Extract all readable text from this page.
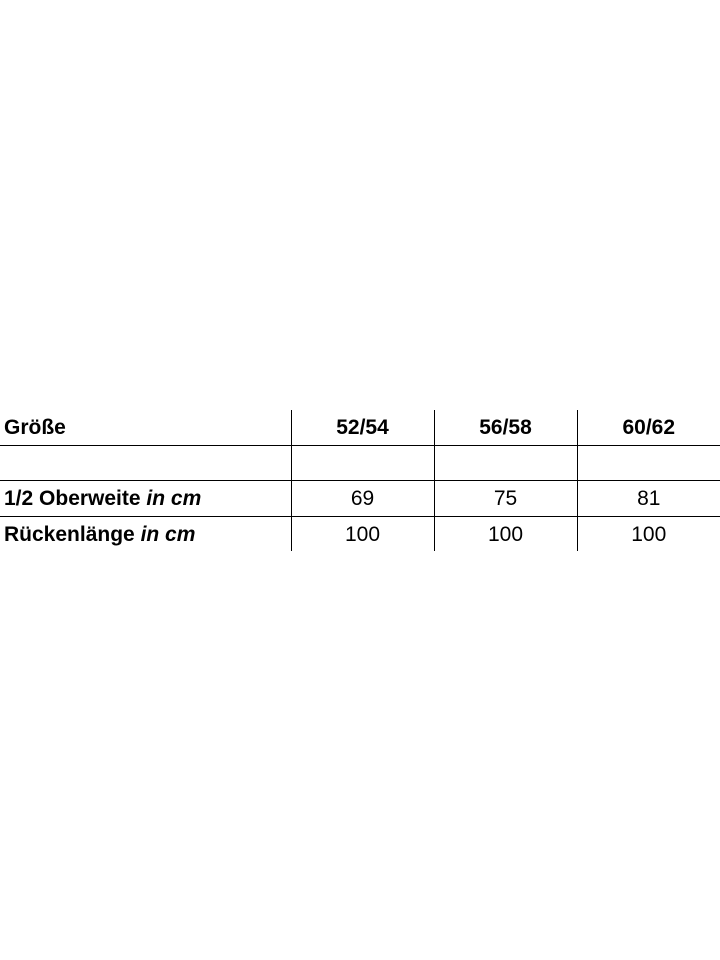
Größe	52/54	56/58	60/62

1/2 Oberweite in cm	69	75	81
Rückenlänge in cm	100	100	100
